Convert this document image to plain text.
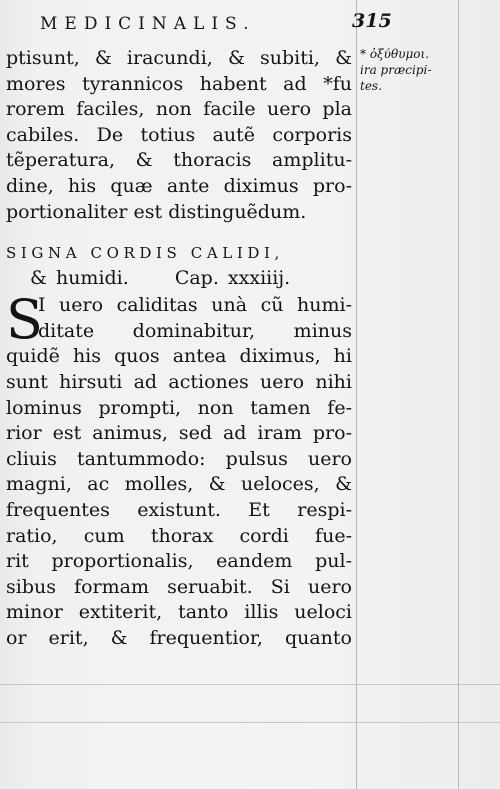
MEDICINALIS.	315
* ὀξύθυμοι.
ira præcipi-
tes.
ptisunt, & iracundi, & subiti, &
mores tyrannicos habent ad *fu
rorem faciles, non facile uero pla
cabiles. De totius autẽ corporis
tẽperatura, & thoracis amplitu-
dine, his quæ ante diximus pro-
portionaliter est distinguẽdum.
SIGNA CORDIS CALIDI,
& humidi. Cap. xxxiiij.
S
I uero caliditas unà cũ humi-
ditate dominabitur, minus
quidẽ his quos antea diximus, hi
sunt hirsuti ad actiones uero nihi
lominus prompti, non tamen fe-
rior est animus, sed ad iram pro-
cliuis tantummodo: pulsus uero
magni, ac molles, & ueloces, &
frequentes existunt. Et respi-
ratio, cum thorax cordi fue-
rit proportionalis, eandem pul-
sibus formam seruabit. Si uero
minor extiterit, tanto illis ueloci
or erit, & frequentior, quanto
